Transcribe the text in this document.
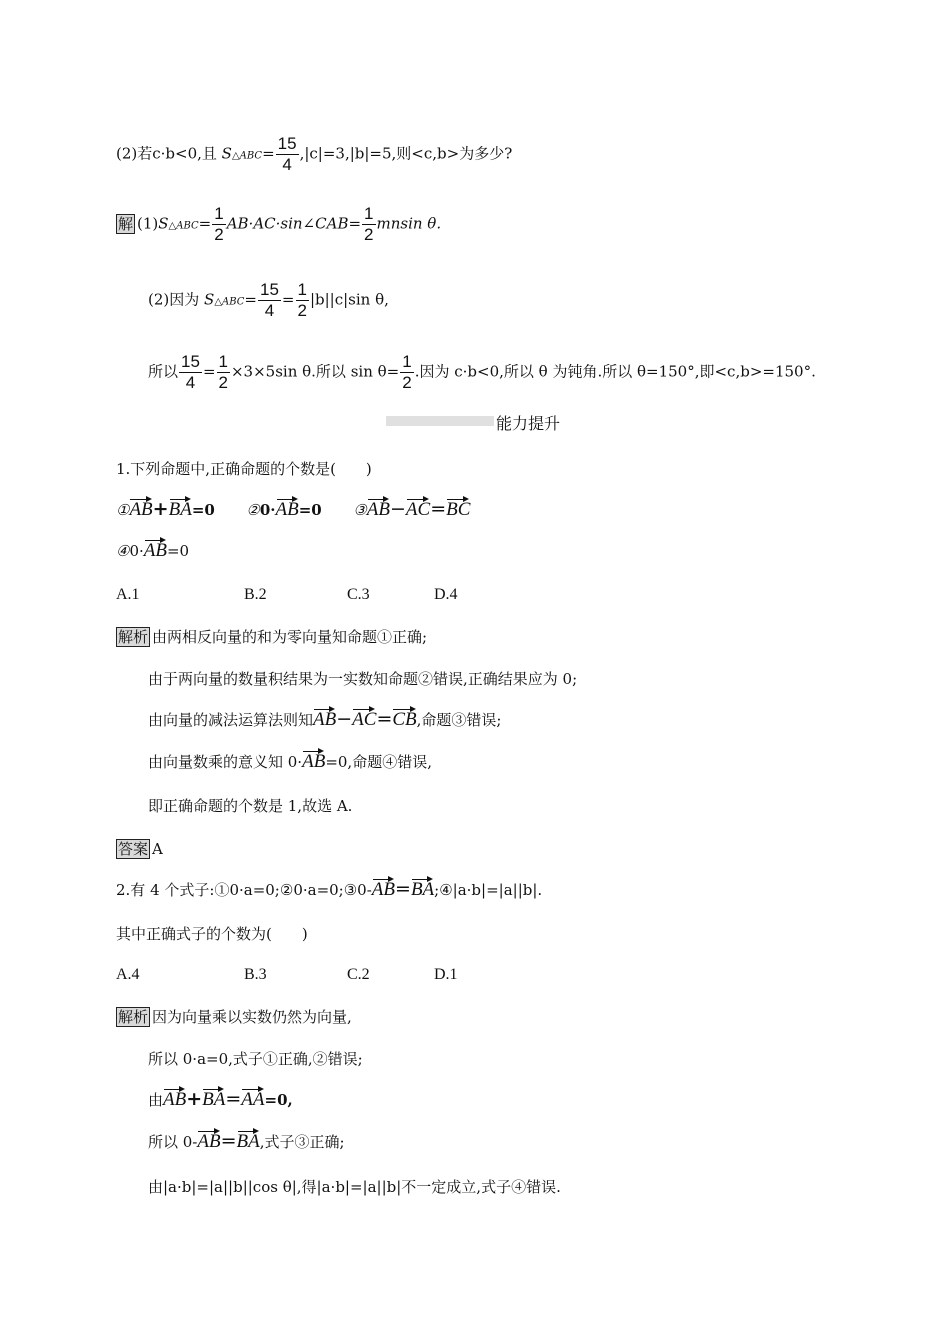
(2)若c·b<0,且 S△ABC= $\frac{15}{4} ,|c|=3,|b|=5$,则<c,b>为多少?
解 (1)S△ABC= $\frac{1}{2}$ AB·AC·sin∠CAB= $\frac{1}{2}$ mnsin θ.
(2)因为 S△ABC= $\frac{15}{4} = \frac{1}{2} |b||c|\sin$ θ,
所以 $\frac{15}{4} = \frac{1}{2} \times 3\times 5\sin$ θ.所以 $\sin \theta= \frac{1}{2}$ .因为 c·b<0,所以 θ 为钝角.所以 θ=150°,即<c,b>=150°.
能力提升
1.下列命题中,正确命题的个数是(　　)
①AB+BA=0 ②0·AB=0 ③AB−AC=BC
④0·AB=0
A.1	B.2	C.3	D.4
解析 由两相反向量的和为零向量知命题①正确;
由于两向量的数量积结果为一实数知命题②错误,正确结果应为 0;
由向量的减法运算法则知AB−AC=CB,命题③错误;
由向量数乘的意义知 0·AB=0,命题④错误,
即正确命题的个数是 1,故选 A.
答案 A
2.有 4 个式子:①0·a=0;②0·a=0;③0-AB=BA;④|a·b|=|a||b|.
其中正确式子的个数为(　　)
A.4	B.3	C.2	D.1
解析 因为向量乘以实数仍然为向量,
所以 0·a=0,式子①正确,②错误;
由AB+BA=AA=0,
所以 0-AB=BA,式子③正确;
由|a·b|=|a||b||cos θ|,得|a·b|=|a||b|不一定成立,式子④错误.
